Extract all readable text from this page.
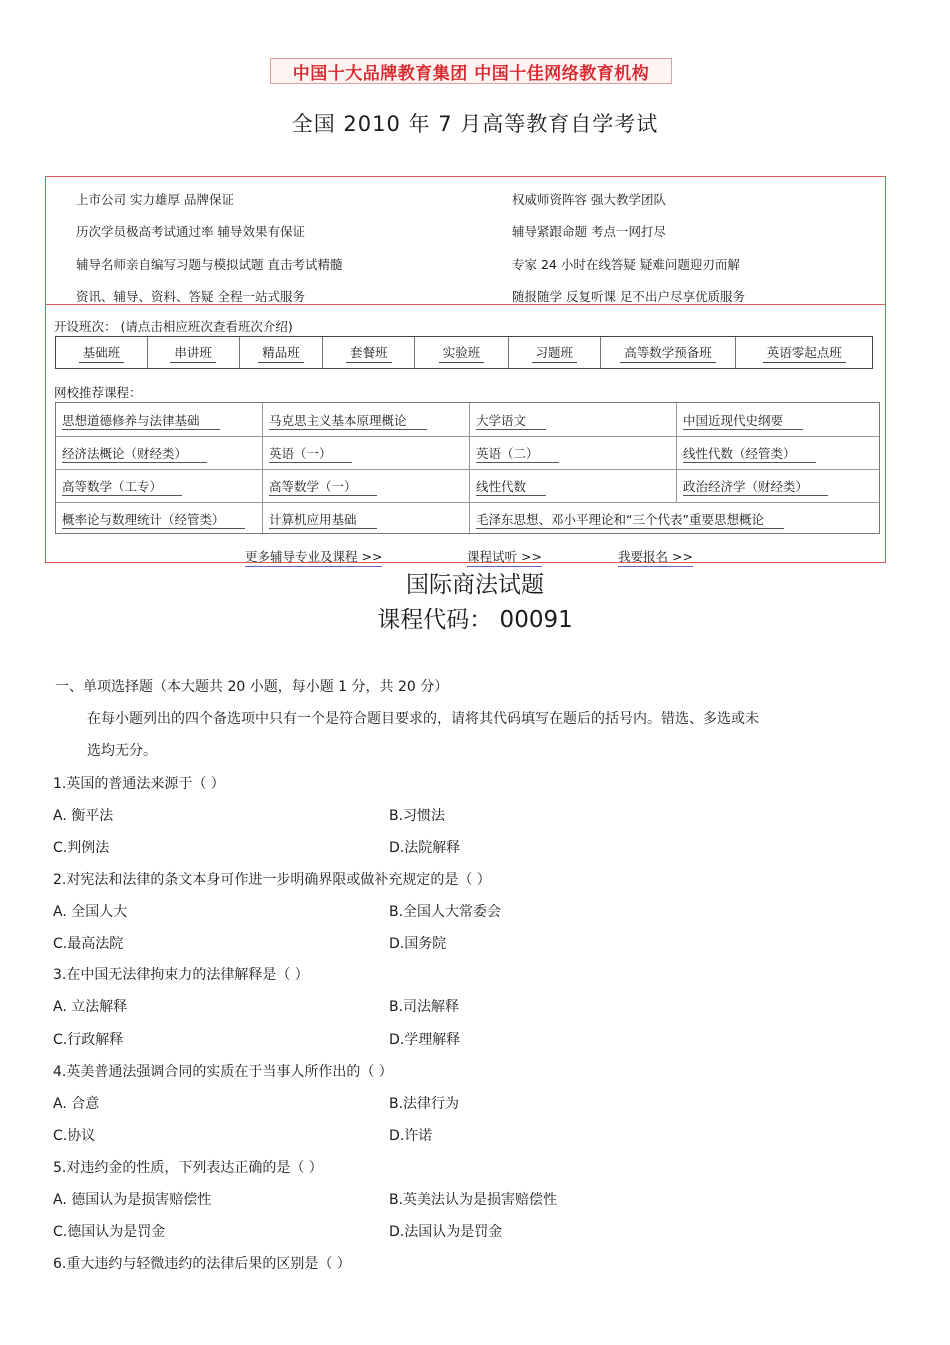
中国十大品牌教育集团 中国十佳网络教育机构
全国 2010 年 7 月高等教育自学考试
上市公司 实力雄厚 品牌保证
历次学员极高考试通过率 辅导效果有保证
辅导名师亲自编写习题与模拟试题 直击考试精髓
资讯、辅导、资料、答疑 全程一站式服务
权威师资阵容 强大教学团队
辅导紧跟命题 考点一网打尽
专家 24 小时在线答疑 疑难问题迎刃而解
随报随学 反复听课 足不出户尽享优质服务
开设班次： (请点击相应班次查看班次介绍)
基础班	串讲班	精品班	套餐班	实验班	习题班	高等数学预备班	英语零起点班
网校推荐课程：
思想道德修养与法律基础	马克思主义基本原理概论	大学语文	中国近现代史纲要
经济法概论（财经类）	英语（一）	英语（二）	线性代数（经管类）
高等数学（工专）	高等数学（一）	线性代数	政治经济学（财经类）
概率论与数理统计（经管类）	计算机应用基础	毛泽东思想、邓小平理论和“三个代表”重要思想概论
更多辅导专业及课程 >>	课程试听 >>	我要报名 >>
国际商法试题
课程代码： 00091
一、单项选择题（本大题共 20 小题，每小题 1 分，共 20 分）
在每小题列出的四个备选项中只有一个是符合题目要求的，请将其代码填写在题后的括号内。错选、多选或未
选均无分。
1.英国的普通法来源于（ ）
A. 衡平法	B.习惯法
C.判例法	D.法院解释
2.对宪法和法律的条文本身可作进一步明确界限或做补充规定的是（ ）
A. 全国人大	B.全国人大常委会
C.最高法院	D.国务院
3.在中国无法律拘束力的法律解释是（ ）
A. 立法解释	B.司法解释
C.行政解释	D.学理解释
4.英美普通法强调合同的实质在于当事人所作出的（ ）
A. 合意	B.法律行为
C.协议	D.许诺
5.对违约金的性质，下列表达正确的是（ ）
A. 德国认为是损害赔偿性	B.英美法认为是损害赔偿性
C.德国认为是罚金	D.法国认为是罚金
6.重大违约与轻微违约的法律后果的区别是（ ）
